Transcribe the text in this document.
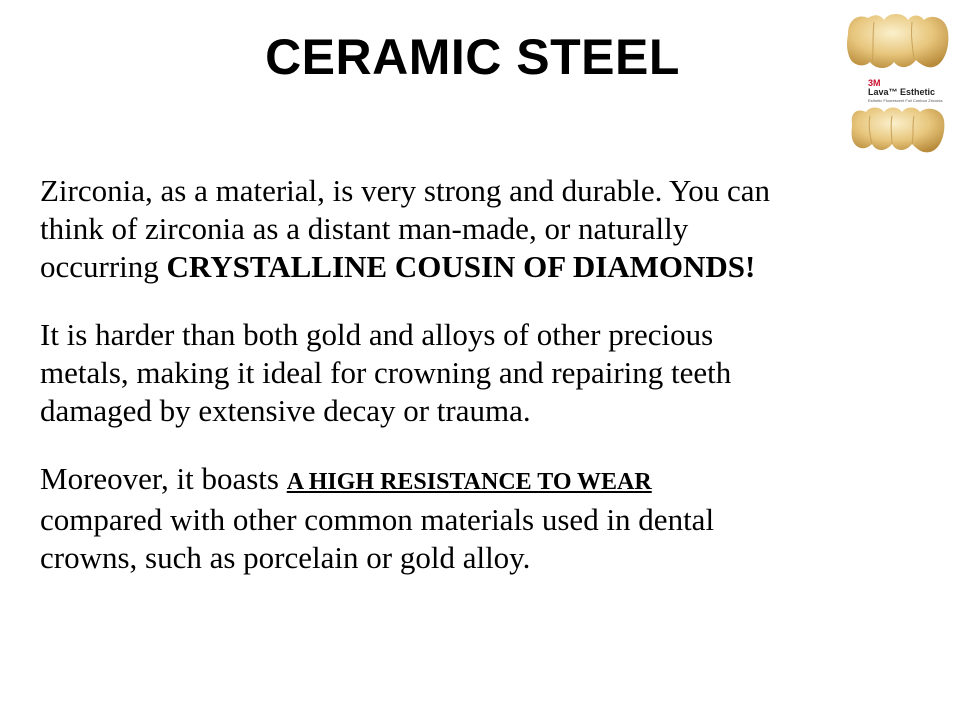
CERAMIC STEEL	3M
Lava™ Esthetic
Esthetic Fluorescent Full Contour Zirconia

Zirconia, as a material, is very strong and durable. You can
think of zirconia as a distant man-made, or naturally
occurring CRYSTALLINE COUSIN OF DIAMONDS!

It is harder than both gold and alloys of other precious
metals, making it ideal for crowning and repairing teeth
damaged by extensive decay or trauma.

Moreover, it boasts A HIGH RESISTANCE TO WEAR
compared with other common materials used in dental
crowns, such as porcelain or gold alloy.
